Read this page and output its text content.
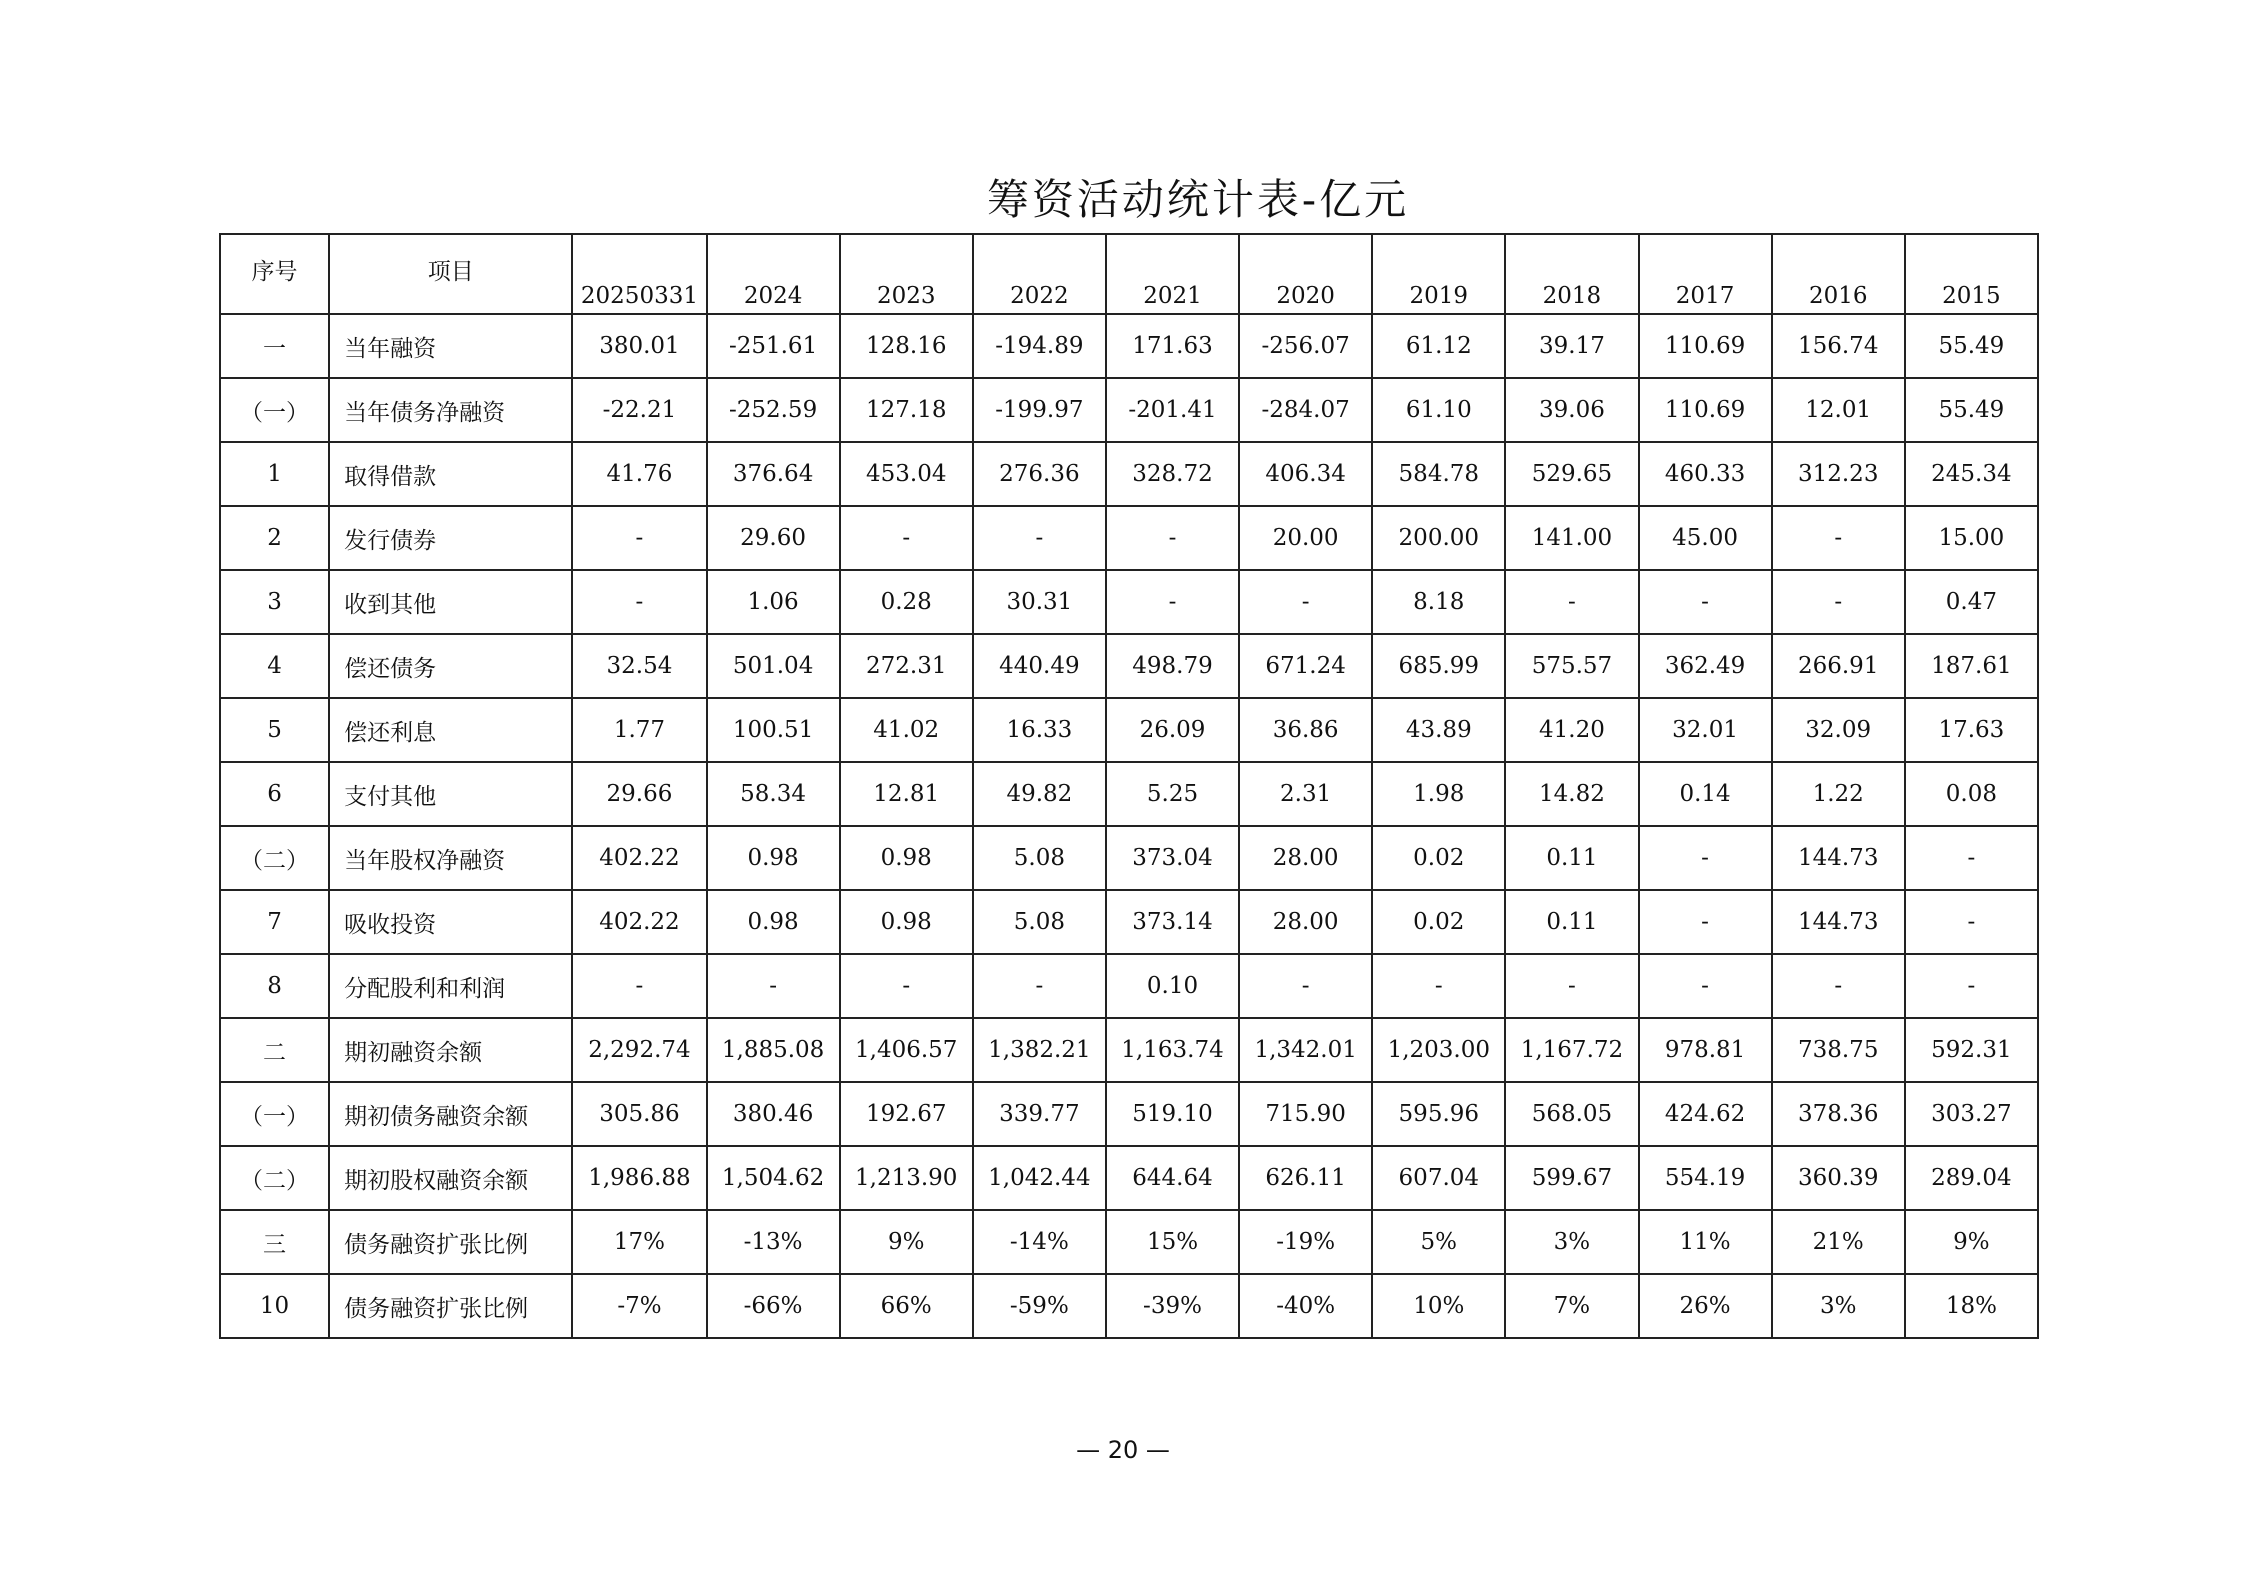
筹资活动统计表-亿元
序号	项目	20250331	2024	2023	2022	2021	2020	2019	2018	2017	2016	2015
一	当年融资	380.01	-251.61	128.16	-194.89	171.63	-256.07	61.12	39.17	110.69	156.74	55.49
（一）	当年债务净融资	-22.21	-252.59	127.18	-199.97	-201.41	-284.07	61.10	39.06	110.69	12.01	55.49
1	取得借款	41.76	376.64	453.04	276.36	328.72	406.34	584.78	529.65	460.33	312.23	245.34
2	发行债券	-	29.60	-	-	-	20.00	200.00	141.00	45.00	-	15.00
3	收到其他	-	1.06	0.28	30.31	-	-	8.18	-	-	-	0.47
4	偿还债务	32.54	501.04	272.31	440.49	498.79	671.24	685.99	575.57	362.49	266.91	187.61
5	偿还利息	1.77	100.51	41.02	16.33	26.09	36.86	43.89	41.20	32.01	32.09	17.63
6	支付其他	29.66	58.34	12.81	49.82	5.25	2.31	1.98	14.82	0.14	1.22	0.08
（二）	当年股权净融资	402.22	0.98	0.98	5.08	373.04	28.00	0.02	0.11	-	144.73	-
7	吸收投资	402.22	0.98	0.98	5.08	373.14	28.00	0.02	0.11	-	144.73	-
8	分配股利和利润	-	-	-	-	0.10	-	-	-	-	-	-
二	期初融资余额	2,292.74	1,885.08	1,406.57	1,382.21	1,163.74	1,342.01	1,203.00	1,167.72	978.81	738.75	592.31
（一）	期初债务融资余额	305.86	380.46	192.67	339.77	519.10	715.90	595.96	568.05	424.62	378.36	303.27
（二）	期初股权融资余额	1,986.88	1,504.62	1,213.90	1,042.44	644.64	626.11	607.04	599.67	554.19	360.39	289.04
三	债务融资扩张比例	17%	-13%	9%	-14%	15%	-19%	5%	3%	11%	21%	9%
10	债务融资扩张比例	-7%	-66%	66%	-59%	-39%	-40%	10%	7%	26%	3%	18%
— 20 —
